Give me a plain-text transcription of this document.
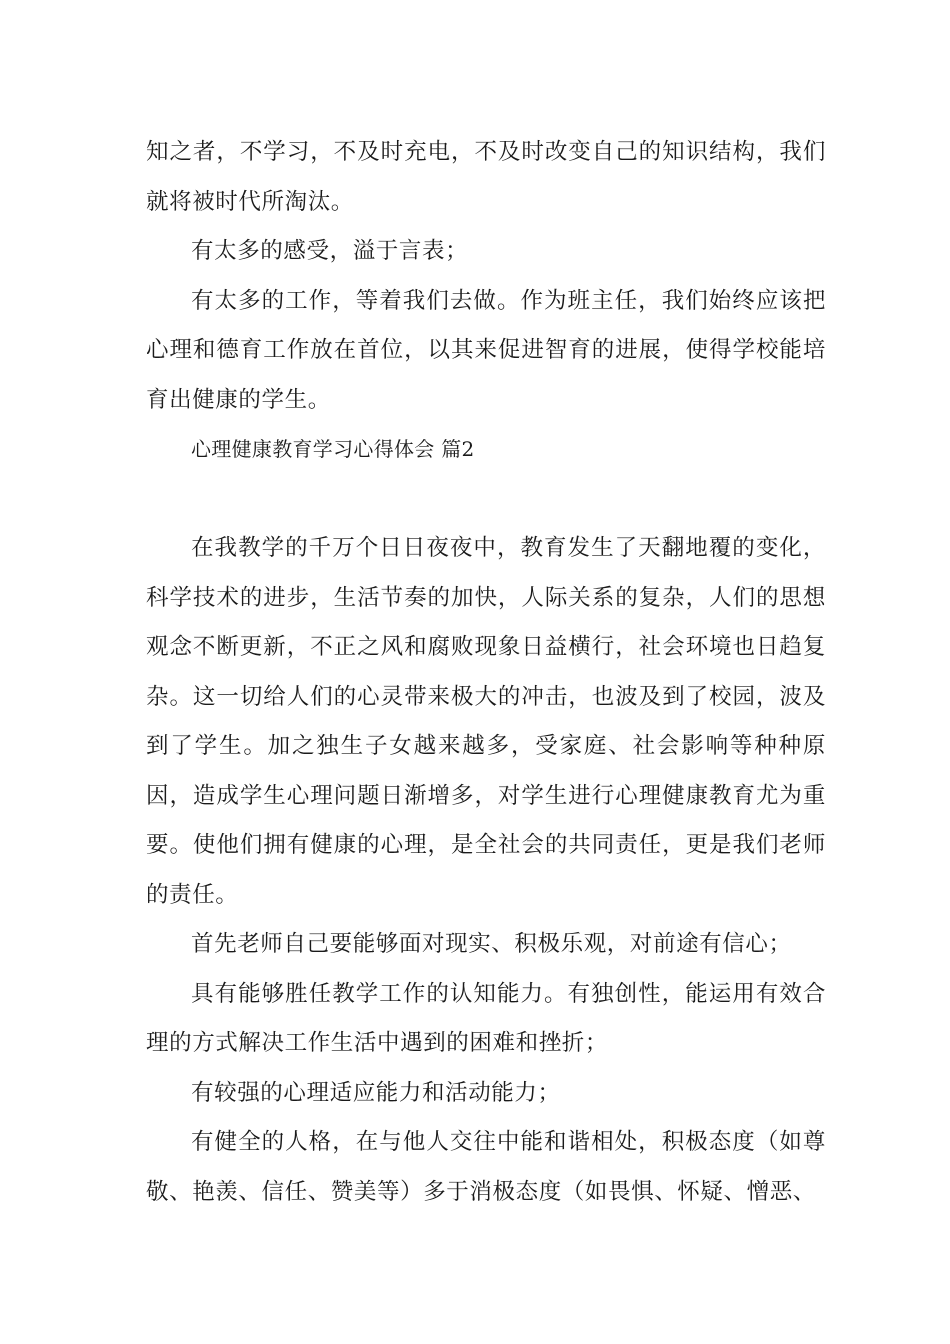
知之者，不学习，不及时充电，不及时改变自己的知识结构，我们就将被时代所淘汰。

有太多的感受，溢于言表；

有太多的工作，等着我们去做。作为班主任，我们始终应该把心理和德育工作放在首位，以其来促进智育的进展，使得学校能培育出健康的学生。

心理健康教育学习心得体会 篇2

在我教学的千万个日日夜夜中，教育发生了天翻地覆的变化，科学技术的进步，生活节奏的加快，人际关系的复杂，人们的思想观念不断更新，不正之风和腐败现象日益横行，社会环境也日趋复杂。这一切给人们的心灵带来极大的冲击，也波及到了校园，波及到了学生。加之独生子女越来越多，受家庭、社会影响等种种原因，造成学生心理问题日渐增多，对学生进行心理健康教育尤为重要。使他们拥有健康的心理，是全社会的共同责任，更是我们老师的责任。

首先老师自己要能够面对现实、积极乐观，对前途有信心；

具有能够胜任教学工作的认知能力。有独创性，能运用有效合理的方式解决工作生活中遇到的困难和挫折；

有较强的心理适应能力和活动能力；

有健全的人格，在与他人交往中能和谐相处，积极态度（如尊敬、艳羡、信任、赞美等）多于消极态度（如畏惧、怀疑、憎恶、
